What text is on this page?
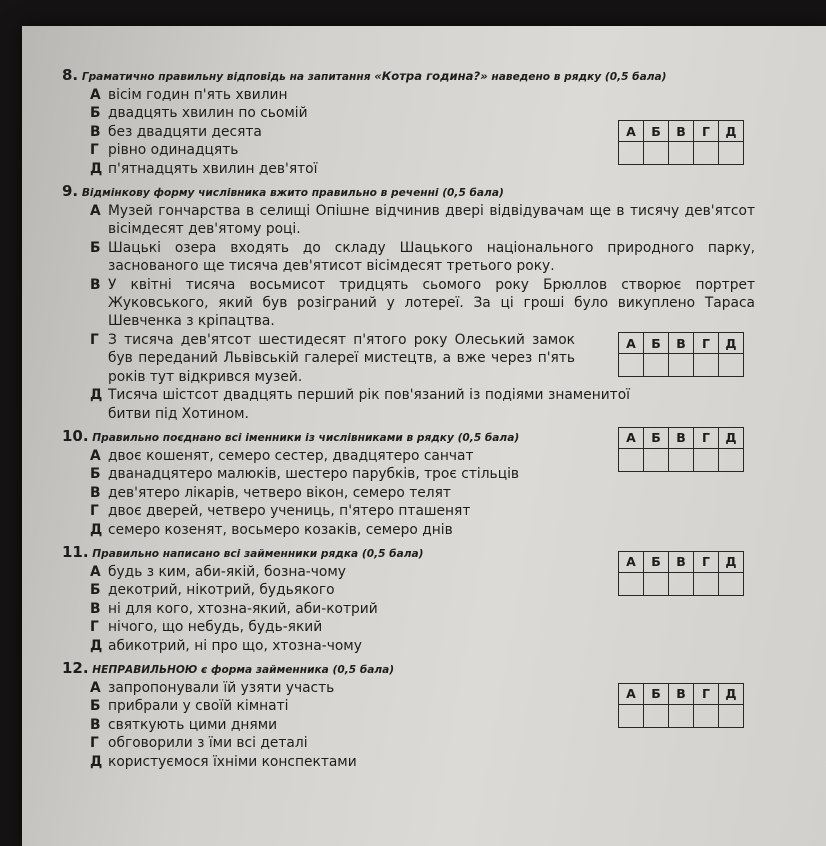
8. Граматично правильну відповідь на запитання «Котра година?» наведено в рядку (0,5 бала)
А вісім годин п'ять хвилин
Б двадцять хвилин по сьомій
В без двадцяти десята
Г рівно одинадцять
Д п'ятнадцять хвилин дев'ятої
А	Б	В	Г	Д

9. Відмінкову форму числівника вжито правильно в реченні (0,5 бала)
А Музей гончарства в селищі Опішне відчинив двері відвідувачам ще в тисячу дев'ятсот вісімдесят дев'ятому році.
Б Шацькі озера входять до складу Шацького національного природного парку, заснованого ще тисяча дев'ятисот вісімдесят третього року.
В У квітні тисяча восьмисот тридцять сьомого року Брюллов створює портрет Жуковського, який був розіграний у лотереї. За ці гроші було викуплено Тараса Шевченка з кріпацтва.
Г З тисяча дев'ятсот шестидесят п'ятого року Олеський замок був переданий Львівській галереї мистецтв, а вже через п'ять років тут відкрився музей.
Д Тисяча шістсот двадцять перший рік пов'язаний із подіями знаменитої битви під Хотином.
А	Б	В	Г	Д

10. Правильно поєднано всі іменники із числівниками в рядку (0,5 бала)
А двоє кошенят, семеро сестер, двадцятеро санчат
Б дванадцятеро малюків, шестеро парубків, троє стільців
В дев'ятеро лікарів, четверо вікон, семеро телят
Г двоє дверей, четверо учениць, п'ятеро пташенят
Д семеро козенят, восьмеро козаків, семеро днів
А	Б	В	Г	Д

11. Правильно написано всі займенники рядка (0,5 бала)
А будь з ким, аби-якій, бозна-чому
Б декотрий, нікотрий, будьякого
В ні для кого, хтозна-який, аби-котрий
Г нічого, що небудь, будь-який
Д абикотрий, ні про що, хтозна-чому
А	Б	В	Г	Д

12. НЕПРАВИЛЬНОЮ є форма займенника (0,5 бала)
А запропонували їй узяти участь
Б прибрали у своїй кімнаті
В святкують цими днями
Г обговорили з їми всі деталі
Д користуємося їхніми конспектами
А	Б	В	Г	Д
